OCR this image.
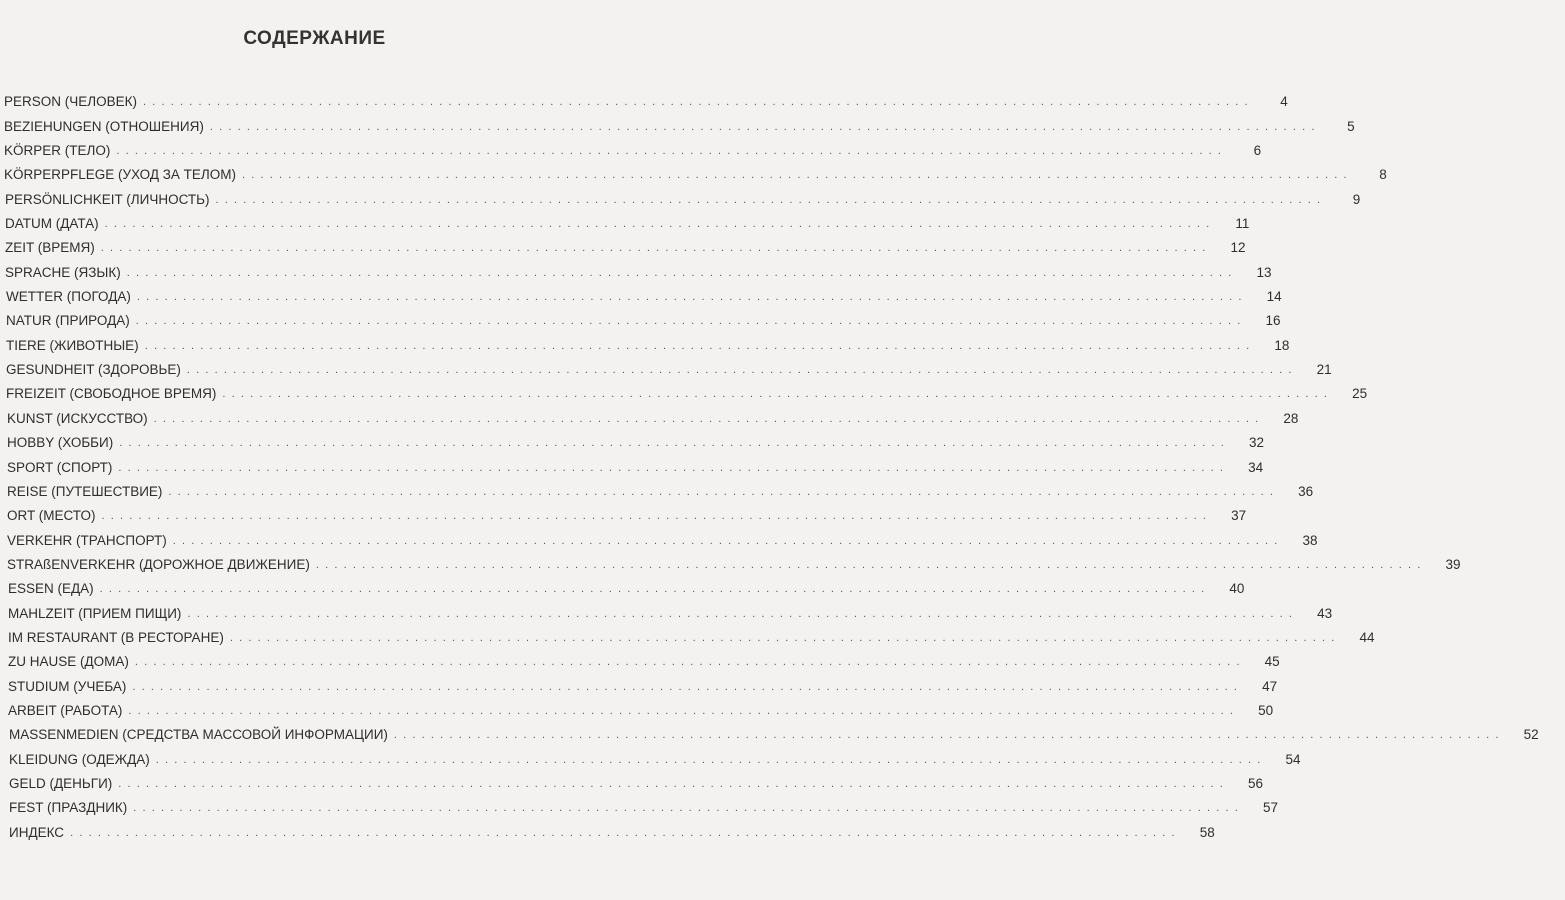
СОДЕРЖАНИЕ
PERSON (ЧЕЛОВЕК) ........................................................................................................................	4
BEZIEHUNGEN (ОТНОШЕНИЯ) ........................................................................................................................	5
KÖRPER (ТЕЛО) ........................................................................................................................	6
KÖRPERPFLEGE (УХОД ЗА ТЕЛОМ) ........................................................................................................................	8
PERSÖNLICHKEIT (ЛИЧНОСТЬ) ........................................................................................................................	9
DATUM (ДАТА) ........................................................................................................................	11
ZEIT (ВРЕМЯ) ........................................................................................................................	12
SPRACHE (ЯЗЫК) ........................................................................................................................	13
WETTER (ПОГОДА) ........................................................................................................................	14
NATUR (ПРИРОДА) ........................................................................................................................	16
TIERE (ЖИВОТНЫЕ) ........................................................................................................................	18
GESUNDHEIT (ЗДОРОВЬЕ) ........................................................................................................................	21
FREIZEIT (СВОБОДНОЕ ВРЕМЯ) ........................................................................................................................	25
KUNST (ИСКУССТВО) ........................................................................................................................	28
HOBBY (ХОББИ) ........................................................................................................................	32
SPORT (СПОРТ) ........................................................................................................................	34
REISE (ПУТЕШЕСТВИЕ) ........................................................................................................................	36
ORT (МЕСТО) ........................................................................................................................	37
VERKEHR (ТРАНСПОРТ) ........................................................................................................................	38
STRAßENVERKEHR (ДОРОЖНОЕ ДВИЖЕНИЕ) ........................................................................................................................	39
ESSEN (ЕДА) ........................................................................................................................	40
MAHLZEIT (ПРИЕМ ПИЩИ) ........................................................................................................................	43
IM RESTAURANT (В РЕСТОРАНЕ) ........................................................................................................................	44
ZU HAUSE (ДОМА) ........................................................................................................................	45
STUDIUM (УЧЕБА) ........................................................................................................................	47
ARBEIT (РАБОТА) ........................................................................................................................	50
MASSENMEDIEN (СРЕДСТВА МАССОВОЙ ИНФОРМАЦИИ) ........................................................................................................................	52
KLEIDUNG (ОДЕЖДА) ........................................................................................................................	54
GELD (ДЕНЬГИ) ........................................................................................................................	56
FEST (ПРАЗДНИК) ........................................................................................................................	57
ИНДЕКС ........................................................................................................................	58
